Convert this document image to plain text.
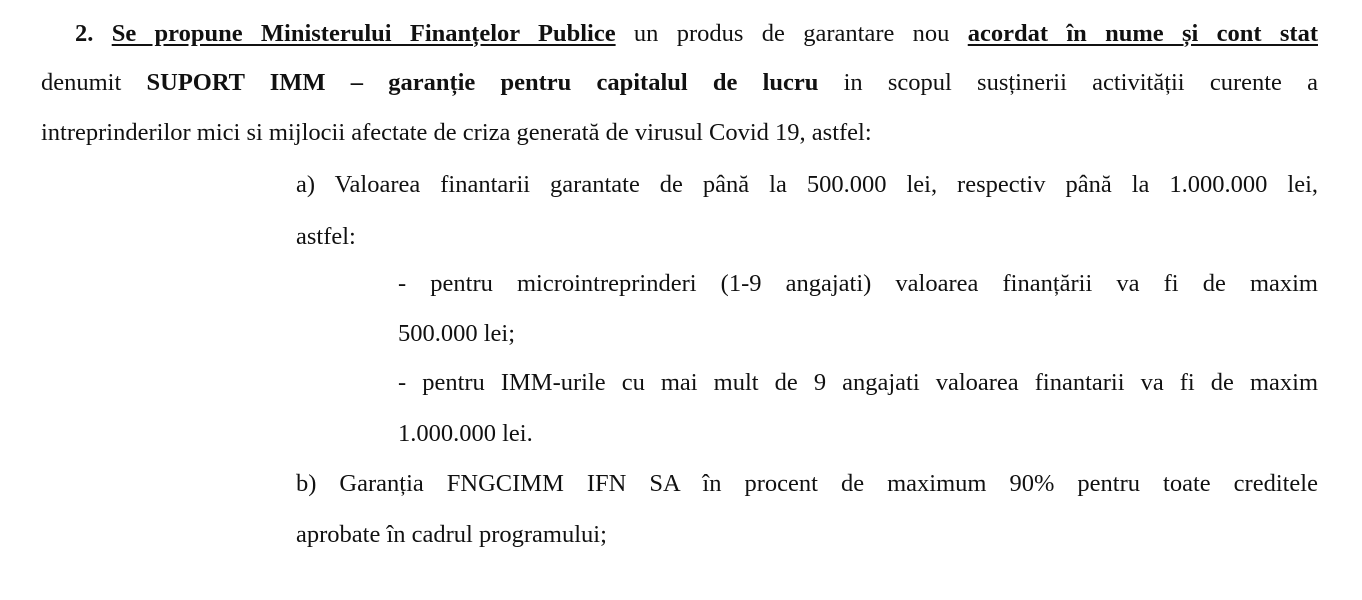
2. Se propune Ministerului Finanțelor Publice un produs de garantare nou acordat în nume și cont stat
denumit SUPORT IMM – garanție pentru capitalul de lucru in scopul susținerii activității curente a
intreprinderilor mici si mijlocii afectate de criza generată de virusul Covid 19, astfel:
a) Valoarea finantarii garantate de până la 500.000 lei, respectiv până la 1.000.000 lei,
astfel:
- pentru microintreprinderi (1-9 angajati) valoarea finanțării va fi de maxim
500.000 lei;
- pentru IMM-urile cu mai mult de 9 angajati valoarea finantarii va fi de maxim
1.000.000 lei.
b) Garanția FNGCIMM IFN SA în procent de maximum 90% pentru toate creditele
aprobate în cadrul programului;
